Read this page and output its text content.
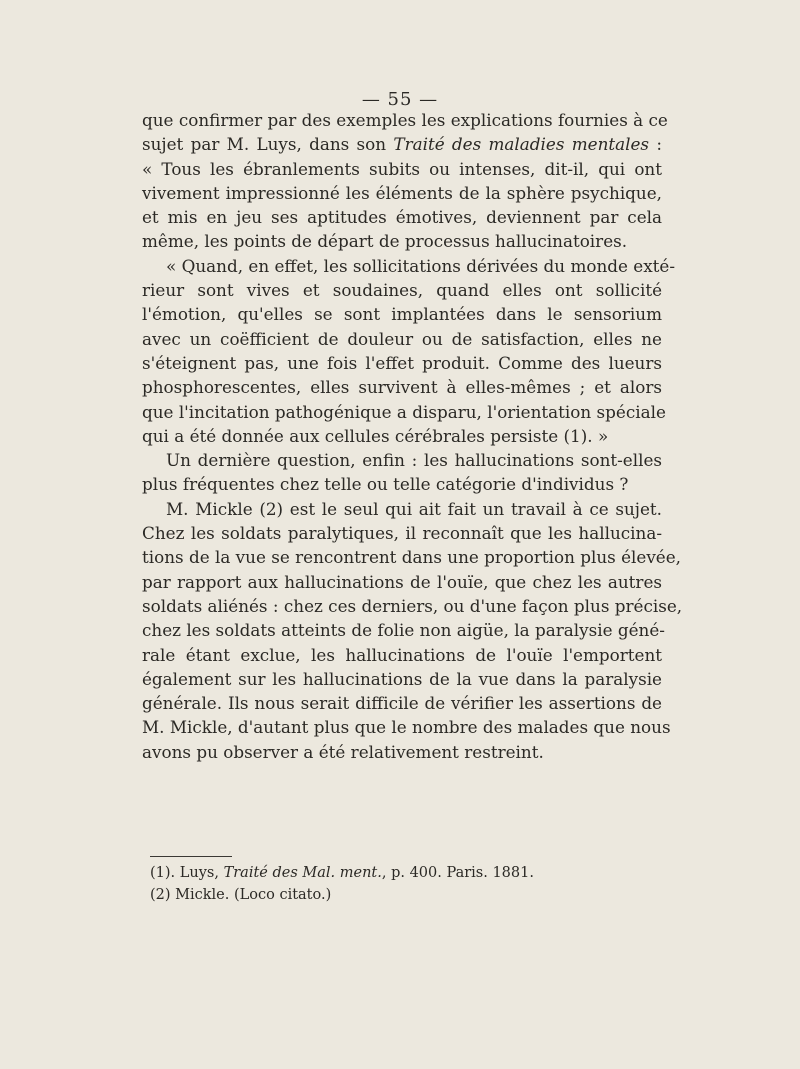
— 55 —
que confirmer par des exemples les explications fournies à ce
sujet par M. Luys, dans son Traité des maladies mentales :
« Tous les ébranlements subits ou intenses, dit-il, qui ont
vivement impressionné les éléments de la sphère psychique,
et mis en jeu ses aptitudes émotives, deviennent par cela
même, les points de départ de processus hallucinatoires.
« Quand, en effet, les sollicitations dérivées du monde exté-
rieur sont vives et soudaines, quand elles ont sollicité
l'émotion, qu'elles se sont implantées dans le sensorium
avec un coëfficient de douleur ou de satisfaction, elles ne
s'éteignent pas, une fois l'effet produit. Comme des lueurs
phosphorescentes, elles survivent à elles-mêmes ; et alors
que l'incitation pathogénique a disparu, l'orientation spéciale
qui a été donnée aux cellules cérébrales persiste (1). »
Un dernière question, enfin : les hallucinations sont-elles
plus fréquentes chez telle ou telle catégorie d'individus ?
M. Mickle (2) est le seul qui ait fait un travail à ce sujet.
Chez les soldats paralytiques, il reconnaît que les hallucina-
tions de la vue se rencontrent dans une proportion plus élevée,
par rapport aux hallucinations de l'ouïe, que chez les autres
soldats aliénés : chez ces derniers, ou d'une façon plus précise,
chez les soldats atteints de folie non aigüe, la paralysie géné-
rale étant exclue, les hallucinations de l'ouïe l'emportent
également sur les hallucinations de la vue dans la paralysie
générale. Ils nous serait difficile de vérifier les assertions de
M. Mickle, d'autant plus que le nombre des malades que nous
avons pu observer a été relativement restreint.
(1). Luys, Traité des Mal. ment., p. 400. Paris. 1881.
(2) Mickle. (Loco citato.)
